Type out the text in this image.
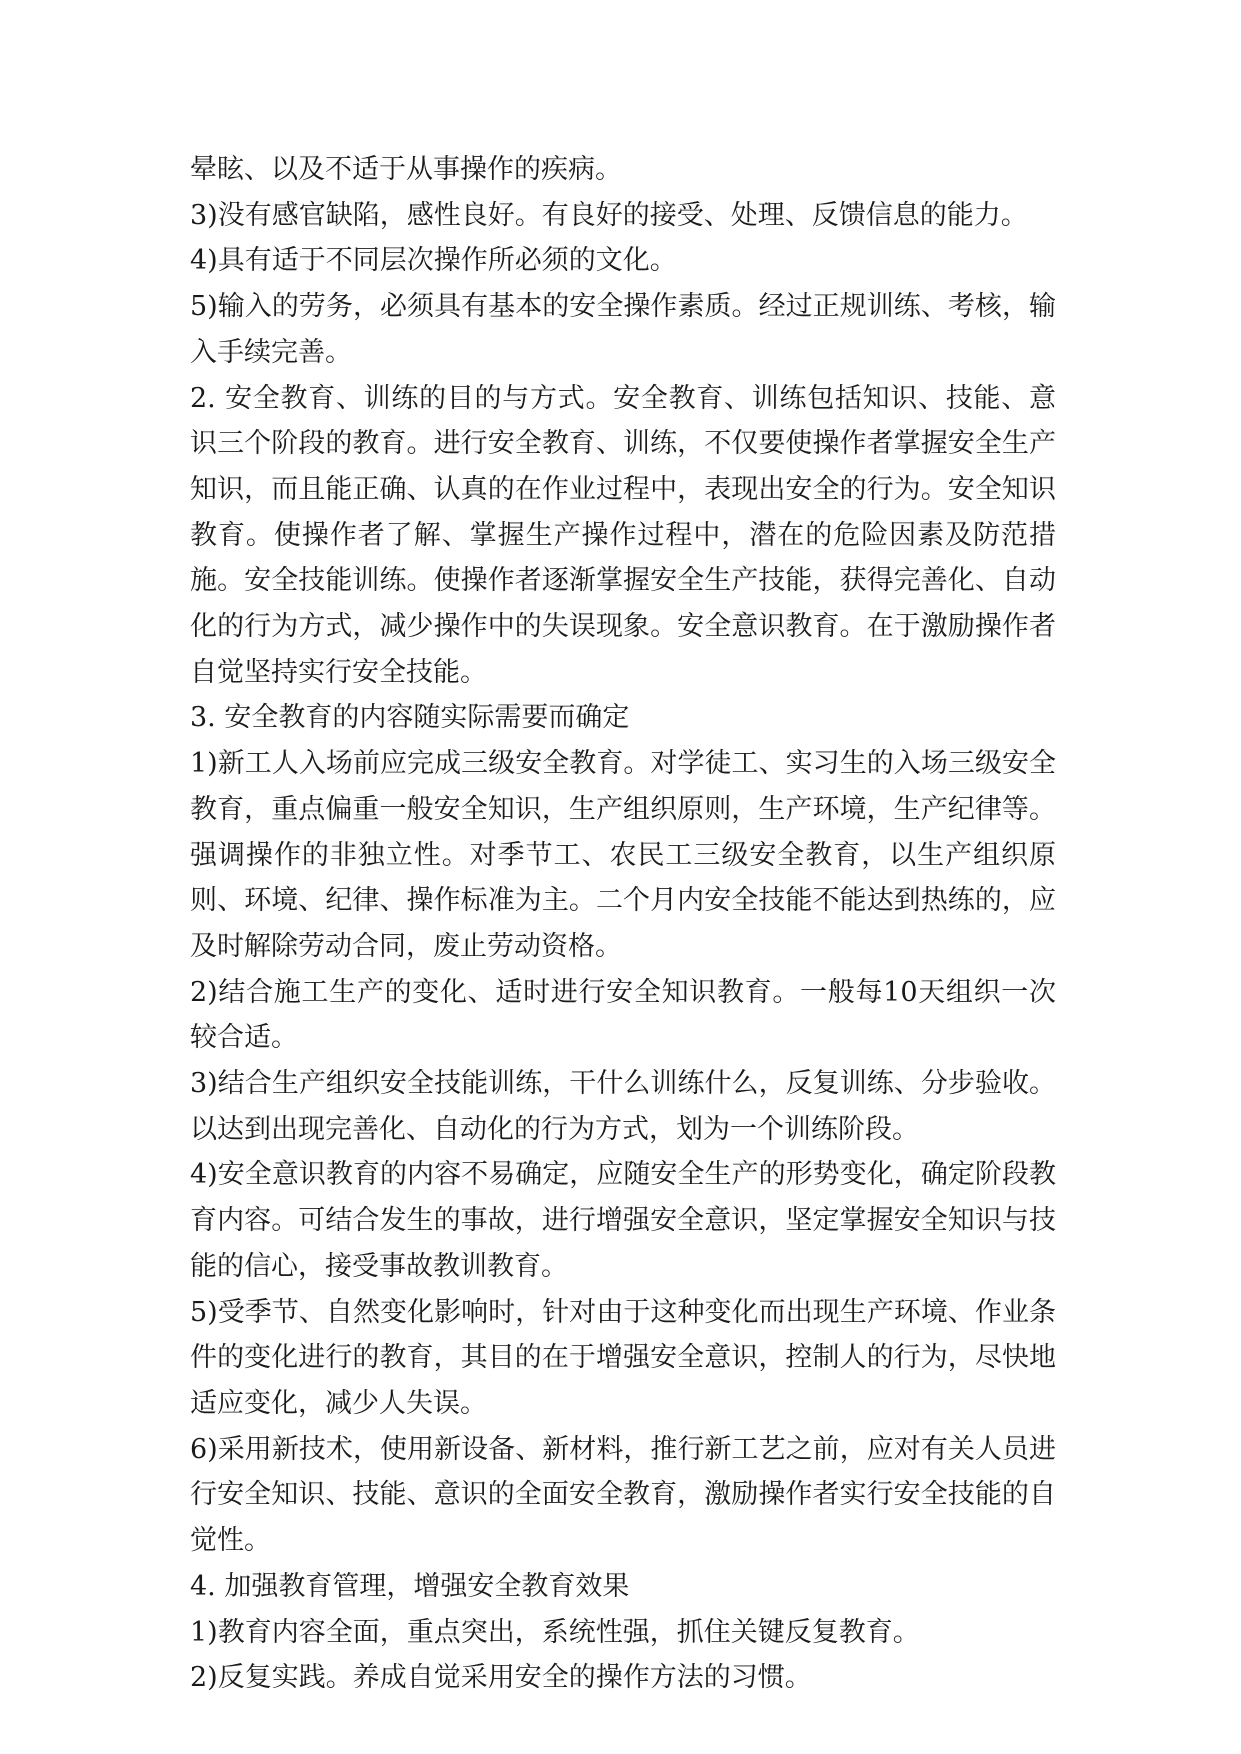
晕眩、以及不适于从事操作的疾病。

3)没有感官缺陷，感性良好。有良好的接受、处理、反馈信息的能力。

4)具有适于不同层次操作所必须的文化。

5)输入的劳务，必须具有基本的安全操作素质。经过正规训练、考核，输入手续完善。

2. 安全教育、训练的目的与方式。安全教育、训练包括知识、技能、意识三个阶段的教育。进行安全教育、训练，不仅要使操作者掌握安全生产知识，而且能正确、认真的在作业过程中，表现出安全的行为。安全知识教育。使操作者了解、掌握生产操作过程中，潜在的危险因素及防范措施。安全技能训练。使操作者逐渐掌握安全生产技能，获得完善化、自动化的行为方式，减少操作中的失误现象。安全意识教育。在于激励操作者自觉坚持实行安全技能。

3. 安全教育的内容随实际需要而确定

1)新工人入场前应完成三级安全教育。对学徒工、实习生的入场三级安全教育，重点偏重一般安全知识，生产组织原则，生产环境，生产纪律等。强调操作的非独立性。对季节工、农民工三级安全教育，以生产组织原则、环境、纪律、操作标准为主。二个月内安全技能不能达到热练的，应及时解除劳动合同，废止劳动资格。

2)结合施工生产的变化、适时进行安全知识教育。一般每10天组织一次较合适。

3)结合生产组织安全技能训练，干什么训练什么，反复训练、分步验收。以达到出现完善化、自动化的行为方式，划为一个训练阶段。

4)安全意识教育的内容不易确定，应随安全生产的形势变化，确定阶段教育内容。可结合发生的事故，进行增强安全意识，坚定掌握安全知识与技能的信心，接受事故教训教育。

5)受季节、自然变化影响时，针对由于这种变化而出现生产环境、作业条件的变化进行的教育，其目的在于增强安全意识，控制人的行为，尽快地适应变化，减少人失误。

6)采用新技术，使用新设备、新材料，推行新工艺之前，应对有关人员进行安全知识、技能、意识的全面安全教育，激励操作者实行安全技能的自觉性。

4. 加强教育管理，增强安全教育效果

1)教育内容全面，重点突出，系统性强，抓住关键反复教育。

2)反复实践。养成自觉采用安全的操作方法的习惯。
